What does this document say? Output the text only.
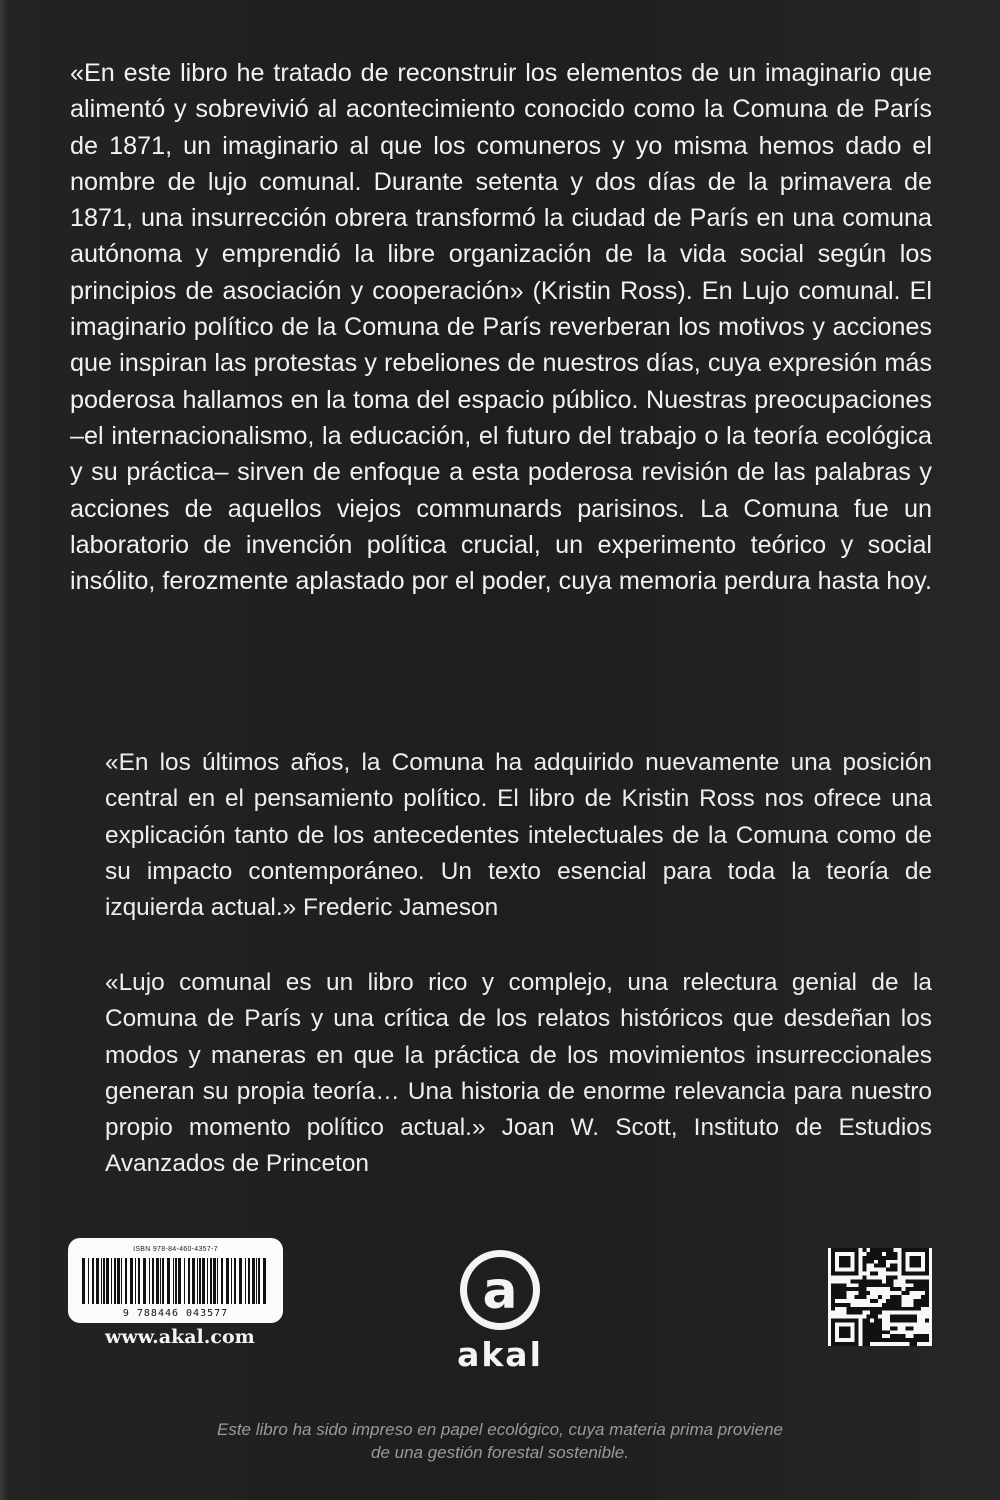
«En este libro he tratado de reconstruir los elementos de un imaginario que alimentó y sobrevivió al acontecimiento conocido como la Comuna de París de 1871, un imaginario al que los comuneros y yo misma hemos dado el nombre de lujo comunal. Durante setenta y dos días de la primavera de 1871, una insurrección obrera transformó la ciudad de París en una comuna autónoma y emprendió la libre organización de la vida social según los principios de asociación y cooperación» (Kristin Ross). En Lujo comunal. El imaginario político de la Comuna de París reverberan los motivos y acciones que inspiran las protestas y rebeliones de nuestros días, cuya expresión más poderosa hallamos en la toma del espacio público. Nuestras preocupaciones –el internacionalismo, la educación, el futuro del trabajo o la teoría ecológica y su práctica– sirven de enfoque a esta poderosa revisión de las palabras y acciones de aquellos viejos communards parisinos. La Comuna fue un laboratorio de invención política crucial, un experimento teórico y social insólito, ferozmente aplastado por el poder, cuya memoria perdura hasta hoy.

«En los últimos años, la Comuna ha adquirido nuevamente una posición central en el pensamiento político. El libro de Kristin Ross nos ofrece una explicación tanto de los antecedentes intelectuales de la Comuna como de su impacto contemporáneo. Un texto esencial para toda la teoría de izquierda actual.» Frederic Jameson

«Lujo comunal es un libro rico y complejo, una relectura genial de la Comuna de París y una crítica de los relatos históricos que desdeñan los modos y maneras en que la práctica de los movimientos insurreccionales generan su propia teoría… Una historia de enorme relevancia para nuestro propio momento político actual.» Joan W. Scott, Instituto de Estudios Avanzados de Princeton

ISBN 978-84-460-4357-7
9 788446 043577
www.akal.com
a
akal

Este libro ha sido impreso en papel ecológico, cuya materia prima proviene de una gestión forestal sostenible.
